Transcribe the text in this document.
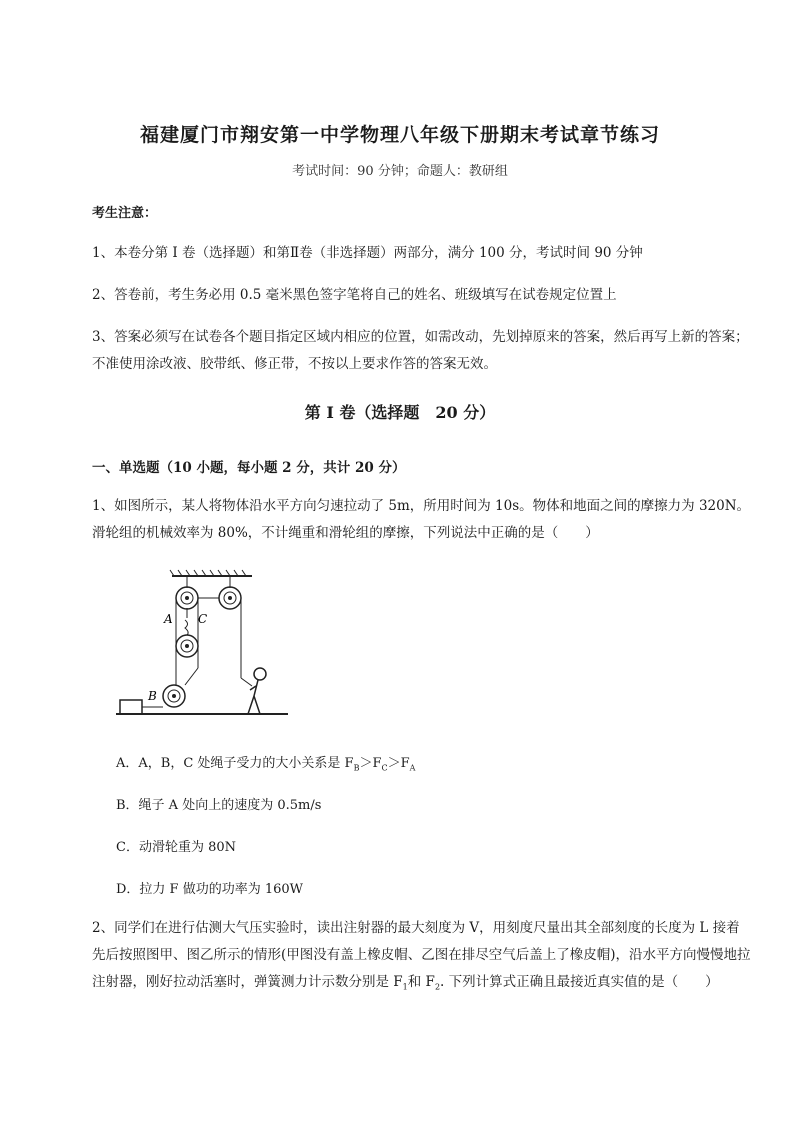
福建厦门市翔安第一中学物理八年级下册期末考试章节练习
考试时间：90 分钟；命题人：教研组
考生注意：
1、本卷分第 I 卷（选择题）和第Ⅱ卷（非选择题）两部分，满分 100 分，考试时间 90 分钟
2、答卷前，考生务必用 0.5 毫米黑色签字笔将自己的姓名、班级填写在试卷规定位置上
3、答案必须写在试卷各个题目指定区域内相应的位置，如需改动，先划掉原来的答案，然后再写上新的答案；不准使用涂改液、胶带纸、修正带，不按以上要求作答的答案无效。
第 I 卷（选择题　20 分）
一、单选题（10 小题，每小题 2 分，共计 20 分）
1、如图所示，某人将物体沿水平方向匀速拉动了 5m，所用时间为 10s。物体和地面之间的摩擦力为 320N。滑轮组的机械效率为 80%，不计绳重和滑轮组的摩擦，下列说法中正确的是（　　）
A C
B
A．A，B，C 处绳子受力的大小关系是 $F_B>F_C>F_A$
B．绳子 A 处向上的速度为 0.5m/s
C．动滑轮重为 80N
D．拉力 F 做功的功率为 160W
2、同学们在进行估测大气压实验时，读出注射器的最大刻度为 V，用刻度尺量出其全部刻度的长度为 L 接着先后按照图甲、图乙所示的情形(甲图没有盖上橡皮帽、乙图在排尽空气后盖上了橡皮帽)，沿水平方向慢慢地拉注射器，刚好拉动活塞时，弹簧测力计示数分别是 $F_1$和 $F_2$. 下列计算式正确且最接近真实值的是（　　）
